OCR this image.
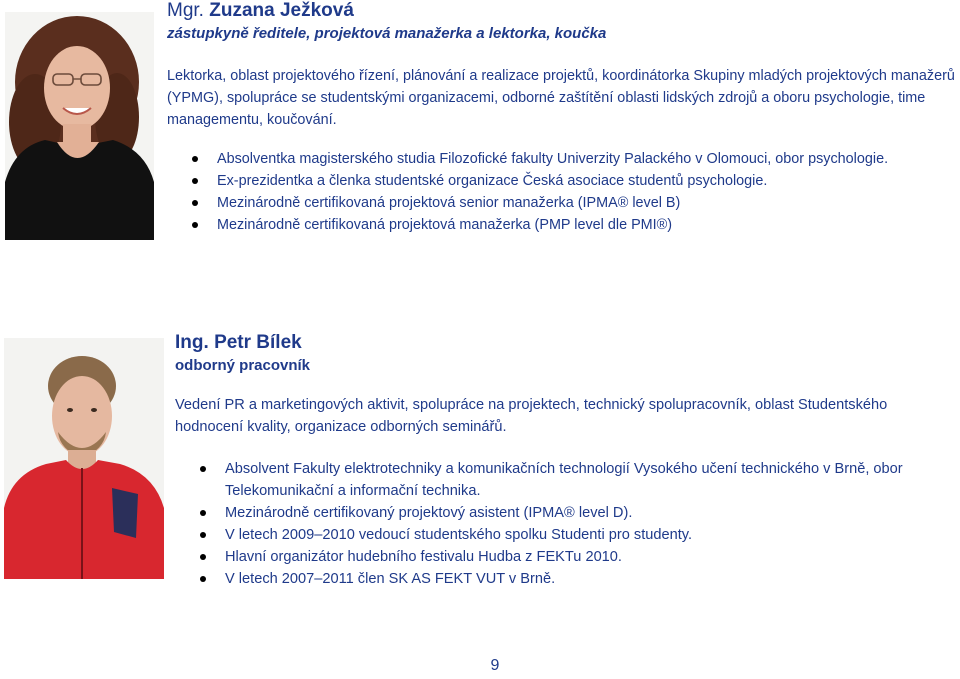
Mgr. Zuzana Ježková

zástupkyně ředitele, projektová manažerka a lektorka, koučka

Lektorka, oblast projektového řízení, plánování a realizace projektů, koordinátorka Skupiny mladých projektových manažerů (YPMG), spolupráce se studentskými organizacemi, odborné zaštítění oblasti lidských zdrojů a oboru psychologie, time managementu, koučování.

Absolventka magisterského studia Filozofické fakulty Univerzity Palackého v Olomouci, obor psychologie.
Ex-prezidentka a členka studentské organizace Česká asociace studentů psychologie.
Mezinárodně certifikovaná projektová senior manažerka (IPMA® level B)
Mezinárodně certifikovaná projektová manažerka (PMP level dle PMI®)

Ing. Petr Bílek

odborný pracovník

Vedení PR a marketingových aktivit, spolupráce na projektech, technický spolupracovník, oblast Studentského hodnocení kvality, organizace odborných seminářů.

Absolvent Fakulty elektrotechniky a komunikačních technologií Vysokého učení technického v Brně, obor Telekomunikační a informační technika.
Mezinárodně certifikovaný projektový asistent (IPMA® level D).
V letech 2009–2010 vedoucí studentského spolku Studenti pro studenty.
Hlavní organizátor hudebního festivalu Hudba z FEKTu 2010.
V letech 2007–2011 člen SK AS FEKT VUT v Brně.
9
